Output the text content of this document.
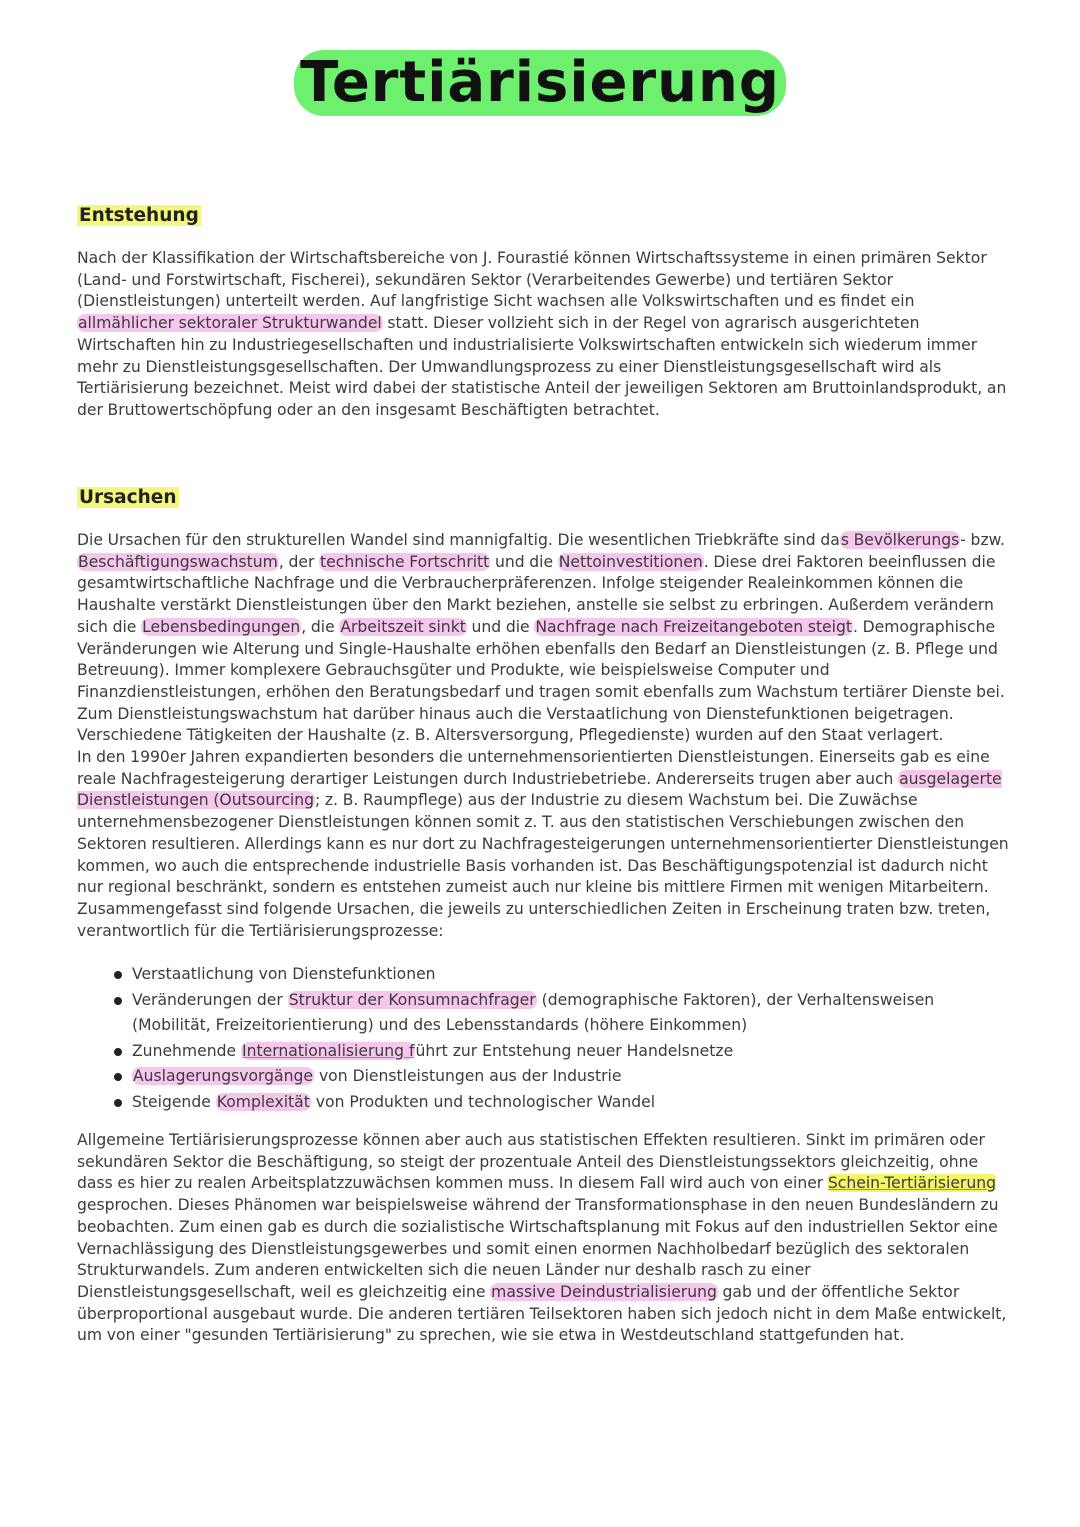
Tertiärisierung
Entstehung

Nach der Klassifikation der Wirtschaftsbereiche von J. Fourastié können Wirtschaftssysteme in einen primären Sektor (Land- und Forstwirtschaft, Fischerei), sekundären Sektor (Verarbeitendes Gewerbe) und tertiären Sektor (Dienstleistungen) unterteilt werden. Auf langfristige Sicht wachsen alle Volkswirtschaften und es findet ein allmählicher sektoraler Strukturwandel statt. Dieser vollzieht sich in der Regel von agrarisch ausgerichteten Wirtschaften hin zu Industriegesellschaften und industrialisierte Volkswirtschaften entwickeln sich wiederum immer mehr zu Dienstleistungsgesellschaften. Der Umwandlungsprozess zu einer Dienstleistungsgesellschaft wird als Tertiärisierung bezeichnet. Meist wird dabei der statistische Anteil der jeweiligen Sektoren am Bruttoinlandsprodukt, an der Bruttowertschöpfung oder an den insgesamt Beschäftigten betrachtet.

Ursachen

Die Ursachen für den strukturellen Wandel sind mannigfaltig. Die wesentlichen Triebkräfte sind das Bevölkerungs- bzw. Beschäftigungswachstum, der technische Fortschritt und die Nettoinvestitionen. Diese drei Faktoren beeinflussen die gesamtwirtschaftliche Nachfrage und die Verbraucherpräferenzen. Infolge steigender Realeinkommen können die Haushalte verstärkt Dienstleistungen über den Markt beziehen, anstelle sie selbst zu erbringen. Außerdem verändern sich die Lebensbedingungen, die Arbeitszeit sinkt und die Nachfrage nach Freizeitangeboten steigt. Demographische Veränderungen wie Alterung und Single-Haushalte erhöhen ebenfalls den Bedarf an Dienstleistungen (z. B. Pflege und Betreuung). Immer komplexere Gebrauchsgüter und Produkte, wie beispielsweise Computer und Finanzdienstleistungen, erhöhen den Beratungsbedarf und tragen somit ebenfalls zum Wachstum tertiärer Dienste bei. Zum Dienstleistungswachstum hat darüber hinaus auch die Verstaatlichung von Dienstefunktionen beigetragen. Verschiedene Tätigkeiten der Haushalte (z. B. Altersversorgung, Pflegedienste) wurden auf den Staat verlagert.

In den 1990er Jahren expandierten besonders die unternehmensorientierten Dienstleistungen. Einerseits gab es eine reale Nachfragesteigerung derartiger Leistungen durch Industriebetriebe. Andererseits trugen aber auch ausgelagerte Dienstleistungen (Outsourcing; z. B. Raumpflege) aus der Industrie zu diesem Wachstum bei. Die Zuwächse unternehmensbezogener Dienstleistungen können somit z. T. aus den statistischen Verschiebungen zwischen den Sektoren resultieren. Allerdings kann es nur dort zu Nachfragesteigerungen unternehmensorientierter Dienstleistungen kommen, wo auch die entsprechende industrielle Basis vorhanden ist. Das Beschäftigungspotenzial ist dadurch nicht nur regional beschränkt, sondern es entstehen zumeist auch nur kleine bis mittlere Firmen mit wenigen Mitarbeitern. Zusammengefasst sind folgende Ursachen, die jeweils zu unterschiedlichen Zeiten in Erscheinung traten bzw. treten, verantwortlich für die Tertiärisierungsprozesse:

Verstaatlichung von Dienstefunktionen
Veränderungen der Struktur der Konsumnachfrager (demographische Faktoren), der Verhaltensweisen (Mobilität, Freizeitorientierung) und des Lebensstandards (höhere Einkommen)
Zunehmende Internationalisierung führt zur Entstehung neuer Handelsnetze
Auslagerungsvorgänge von Dienstleistungen aus der Industrie
Steigende Komplexität von Produkten und technologischer Wandel

Allgemeine Tertiärisierungsprozesse können aber auch aus statistischen Effekten resultieren. Sinkt im primären oder sekundären Sektor die Beschäftigung, so steigt der prozentuale Anteil des Dienstleistungssektors gleichzeitig, ohne dass es hier zu realen Arbeitsplatzzuwächsen kommen muss. In diesem Fall wird auch von einer Schein-Tertiärisierung gesprochen. Dieses Phänomen war beispielsweise während der Transformationsphase in den neuen Bundesländern zu beobachten. Zum einen gab es durch die sozialistische Wirtschaftsplanung mit Fokus auf den industriellen Sektor eine Vernachlässigung des Dienstleistungsgewerbes und somit einen enormen Nachholbedarf bezüglich des sektoralen Strukturwandels. Zum anderen entwickelten sich die neuen Länder nur deshalb rasch zu einer Dienstleistungsgesellschaft, weil es gleichzeitig eine massive Deindustrialisierung gab und der öffentliche Sektor überproportional ausgebaut wurde. Die anderen tertiären Teilsektoren haben sich jedoch nicht in dem Maße entwickelt, um von einer "gesunden Tertiärisierung" zu sprechen, wie sie etwa in Westdeutschland stattgefunden hat.
